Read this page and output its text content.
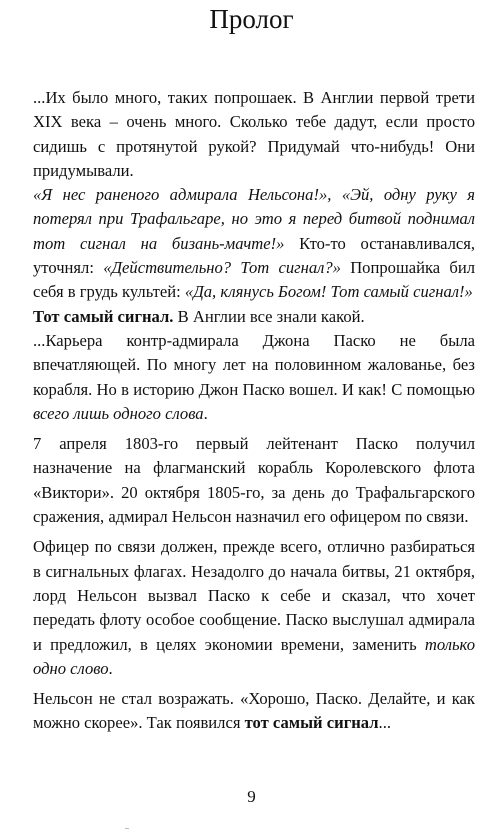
Пролог

...Их было много, таких попрошаек. В Англии первой трети XIX века – очень много. Сколько тебе дадут, если просто сидишь с протянутой рукой? Придумай что-нибудь! Они придумывали.

«Я нес раненого адмирала Нельсона!», «Эй, одну руку я потерял при Трафальгаре, но это я перед битвой поднимал тот сигнал на бизань-мачте!» Кто-то останавливался, уточнял: «Действительно? Тот сигнал?» Попрошайка бил себя в грудь культей: «Да, клянусь Богом! Тот самый сигнал!»

Тот самый сигнал. В Англии все знали какой.

...Карьера контр-адмирала Джона Паско не была впечатляющей. По многу лет на половинном жалованье, без корабля. Но в историю Джон Паско вошел. И как! С помощью всего лишь одного слова.

7 апреля 1803-го первый лейтенант Паско получил назначение на флагманский корабль Королевского флота «Виктори». 20 октября 1805-го, за день до Трафальгарского сражения, адмирал Нельсон назначил его офицером по связи.

Офицер по связи должен, прежде всего, отлично разбираться в сигнальных флагах. Незадолго до начала битвы, 21 октября, лорд Нельсон вызвал Паско к себе и сказал, что хочет передать флоту особое сообщение. Паско выслушал адмирала и предложил, в целях экономии времени, заменить только одно слово.

Нельсон не стал возражать. «Хорошо, Паско. Делайте, и как можно скорее». Так появился тот самый сигнал...

9
